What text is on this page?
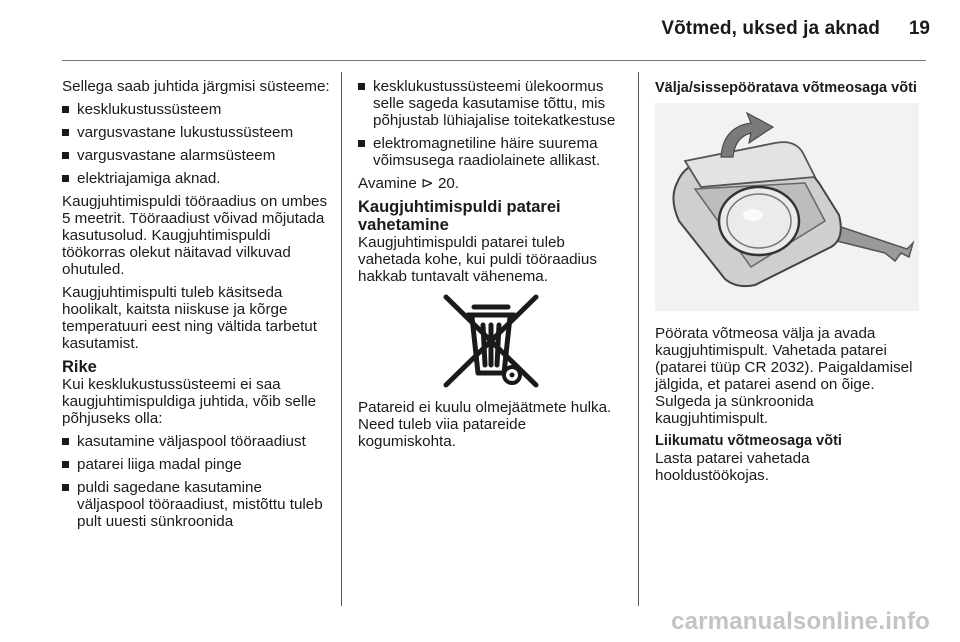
Võtmed, uksed ja aknad 19

Sellega saab juhtida järgmisi süsteeme:

kesklukustussüsteem
vargusvastane lukustussüsteem
vargusvastane alarmsüsteem
elektriajamiga aknad.

Kaugjuhtimispuldi tööraadius on umbes 5 meetrit. Tööraadiust võivad mõjutada kasutusolud. Kaugjuhtimispuldi töökorras olekut näitavad vilkuvad ohutuled.

Kaugjuhtimispulti tuleb käsitseda hoolikalt, kaitsta niiskuse ja kõrge temperatuuri eest ning vältida tarbetut kasutamist.

Rike

Kui kesklukustussüsteemi ei saa kaugjuhtimispuldiga juhtida, võib selle põhjuseks olla:

kasutamine väljaspool tööraadiust
patarei liiga madal pinge
puldi sagedane kasutamine väljaspool tööraadiust, mistõttu tuleb pult uuesti sünkroonida
kesklukustussüsteemi ülekoormus selle sageda kasutamise tõttu, mis põhjustab lühiajalise toitekatkestuse
elektromagnetiline häire suurema võimsusega raadiolainete allikast.

Avamine ⊳ 20.

Kaugjuhtimispuldi patarei vahetamine

Kaugjuhtimispuldi patarei tuleb vahetada kohe, kui puldi tööraadius hakkab tuntavalt vähenema.

Patareid ei kuulu olmejäätmete hulka. Need tuleb viia patareide kogumiskohta.

Välja/sissepööratava võtmeosaga võti

Pöörata võtmeosa välja ja avada kaugjuhtimispult. Vahetada patarei (patarei tüüp CR 2032). Paigaldamisel jälgida, et patarei asend on õige. Sulgeda ja sünkroonida kaugjuhtimispult.

Liikumatu võtmeosaga võti

Lasta patarei vahetada hooldustöökojas.

carmanualsonline.info
